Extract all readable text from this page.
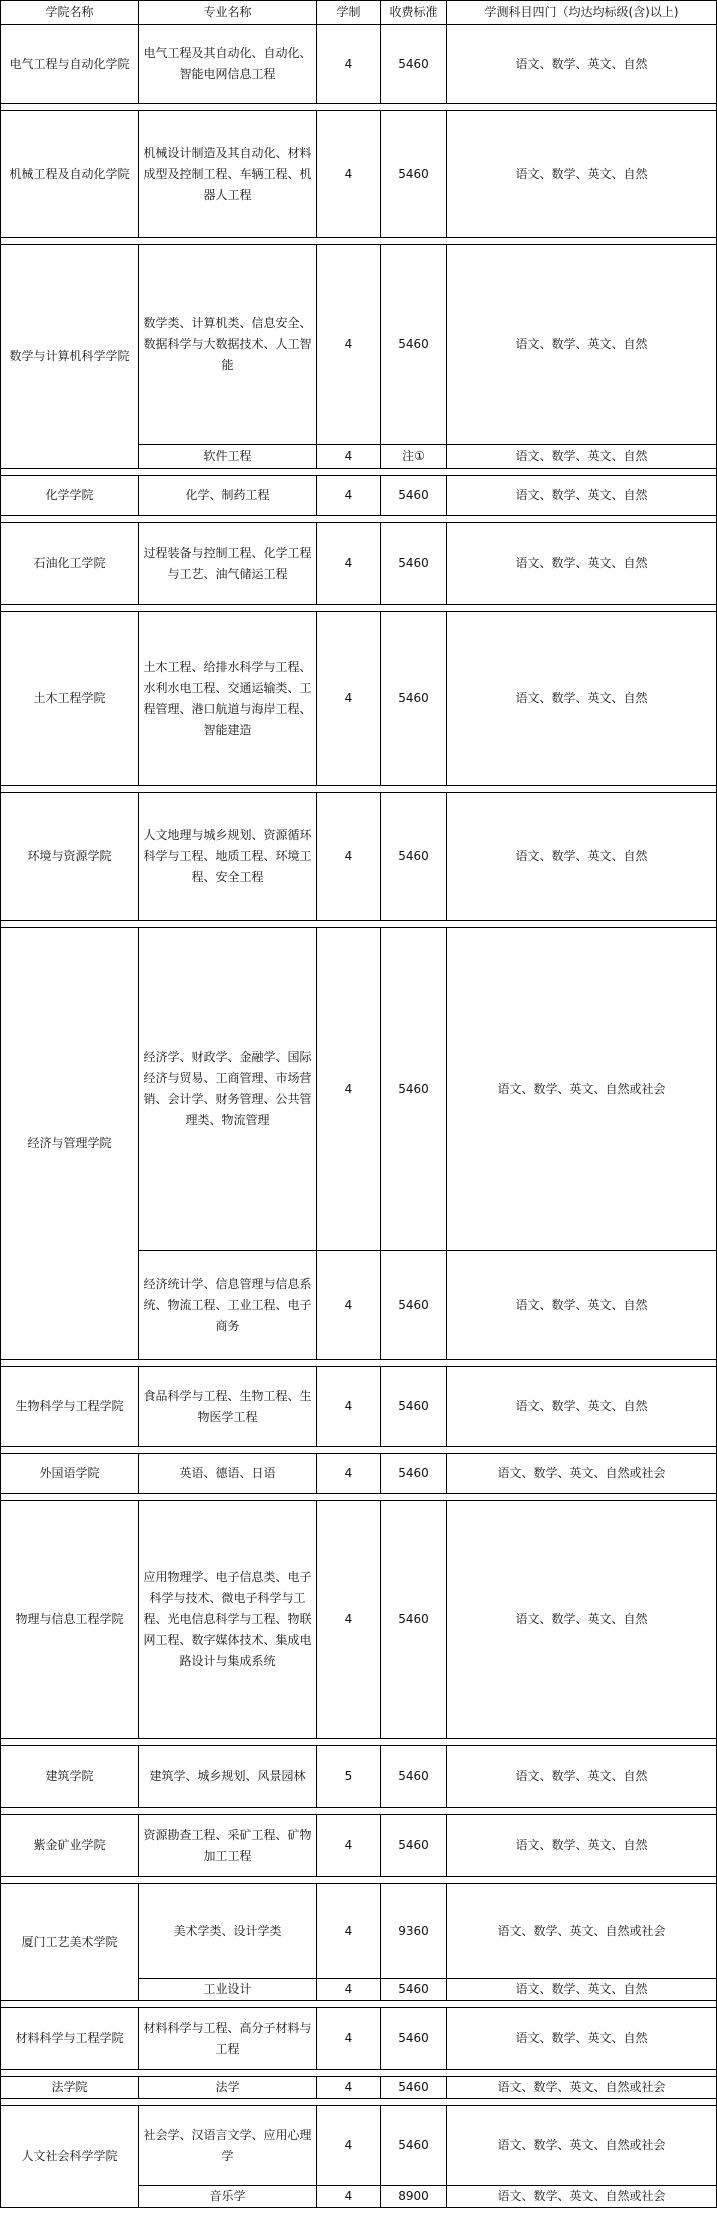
学院名称	专业名称	学制	收费标准	学测科目四门（均达均标级(含)以上)
电气工程与自动化学院	电气工程及其自动化、自动化、智能电网信息工程	4	5460	语文、数学、英文、自然

机械工程及自动化学院	机械设计制造及其自动化、材料成型及控制工程、车辆工程、机器人工程	4	5460	语文、数学、英文、自然

数学与计算机科学学院	数学类、计算机类、信息安全、数据科学与大数据技术、人工智能	4	5460	语文、数学、英文、自然
	软件工程	4	注①	语文、数学、英文、自然

化学学院	化学、制药工程	4	5460	语文、数学、英文、自然

石油化工学院	过程装备与控制工程、化学工程与工艺、油气储运工程	4	5460	语文、数学、英文、自然

土木工程学院	土木工程、给排水科学与工程、水利水电工程、交通运输类、工程管理、港口航道与海岸工程、智能建造	4	5460	语文、数学、英文、自然

环境与资源学院	人文地理与城乡规划、资源循环科学与工程、地质工程、环境工程、安全工程	4	5460	语文、数学、英文、自然

经济与管理学院	经济学、财政学、金融学、国际经济与贸易、工商管理、市场营销、会计学、财务管理、公共管理类、物流管理	4	5460	语文、数学、英文、自然或社会
	经济统计学、信息管理与信息系统、物流工程、工业工程、电子商务	4	5460	语文、数学、英文、自然

生物科学与工程学院	食品科学与工程、生物工程、生物医学工程	4	5460	语文、数学、英文、自然

外国语学院	英语、德语、日语	4	5460	语文、数学、英文、自然或社会

物理与信息工程学院	应用物理学、电子信息类、电子科学与技术、微电子科学与工程、光电信息科学与工程、物联网工程、数字媒体技术、集成电路设计与集成系统	4	5460	语文、数学、英文、自然

建筑学院	建筑学、城乡规划、风景园林	5	5460	语文、数学、英文、自然

紫金矿业学院	资源勘查工程、采矿工程、矿物加工工程	4	5460	语文、数学、英文、自然

厦门工艺美术学院	美术学类、设计学类	4	9360	语文、数学、英文、自然或社会
	工业设计	4	5460	语文、数学、英文、自然

材料科学与工程学院	材料科学与工程、高分子材料与工程	4	5460	语文、数学、英文、自然

法学院	法学	4	5460	语文、数学、英文、自然或社会

人文社会科学学院	社会学、汉语言文学、应用心理学	4	5460	语文、数学、英文、自然或社会
	音乐学	4	8900	语文、数学、英文、自然或社会
